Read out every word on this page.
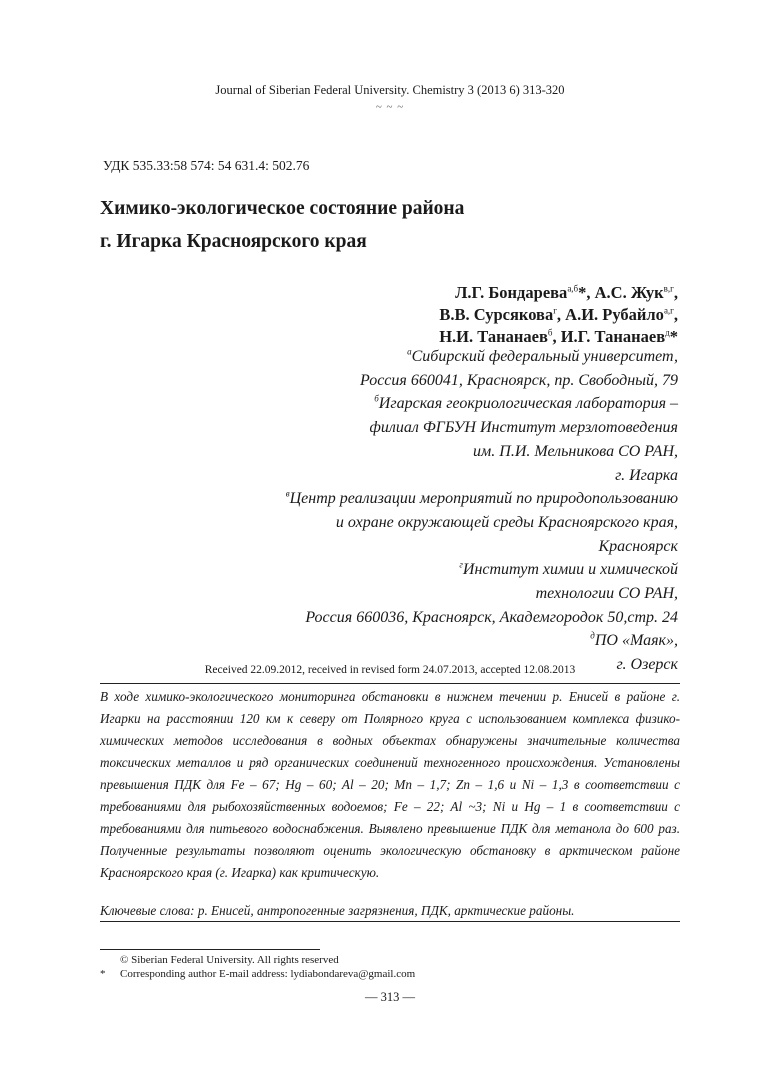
Journal of Siberian Federal University. Chemistry 3 (2013 6) 313-320
~ ~ ~
УДК 535.33:58 574: 54 631.4: 502.76
Химико-экологическое состояние района
г. Игарка Красноярского края
Л.Г. Бондарева$^{а,б}$*, А.С. Жук$^{в,г}$,
В.В. Сурсякова$^г$, А.И. Рубайло$^{а,г}$,
Н.И. Тананаев$^б$, И.Г. Тананаев$^д$*
$^а$Сибирский федеральный университет,
Россия 660041, Красноярск, пр. Свободный, 79
$^б$Игарская геокриологическая лаборатория –
филиал ФГБУН Институт мерзлотоведения
им. П.И. Мельникова СО РАН,
г. Игарка
$^в$Центр реализации мероприятий по природопользованию
и охране окружающей среды Красноярского края,
Красноярск
$^г$Институт химии и химической
технологии СО РАН,
Россия 660036, Красноярск, Академгородок 50,стр. 24
$^д$ПО «Маяк»,
г. Озерск
Received 22.09.2012, received in revised form 24.07.2013, accepted 12.08.2013
В ходе химико-экологического мониторинга обстановки в нижнем течении р. Енисей в районе г. Игарки на расстоянии 120 км к северу от Полярного круга с использованием комплекса физико-химических методов исследования в водных объектах обнаружены значительные количества токсических металлов и ряд органических соединений техногенного происхождения. Установлены превышения ПДК для Fe – 67; Hg – 60; Al – 20; Mn – 1,7; Zn – 1,6 и Ni – 1,3 в соответствии с требованиями для рыбохозяйственных водоемов; Fe – 22; Al ~3; Ni и Hg – 1 в соответствии с требованиями для питьевого водоснабжения. Выявлено превышение ПДК для метанола до 600 раз. Полученные результаты позволяют оценить экологическую обстановку в арктическом районе Красноярского края (г. Игарка) как критическую.
Ключевые слова: р. Енисей, антропогенные загрязнения, ПДК, арктические районы.
© Siberian Federal University. All rights reserved
* Corresponding author E-mail address: lydiabondareva@gmail.com
— 313 —
